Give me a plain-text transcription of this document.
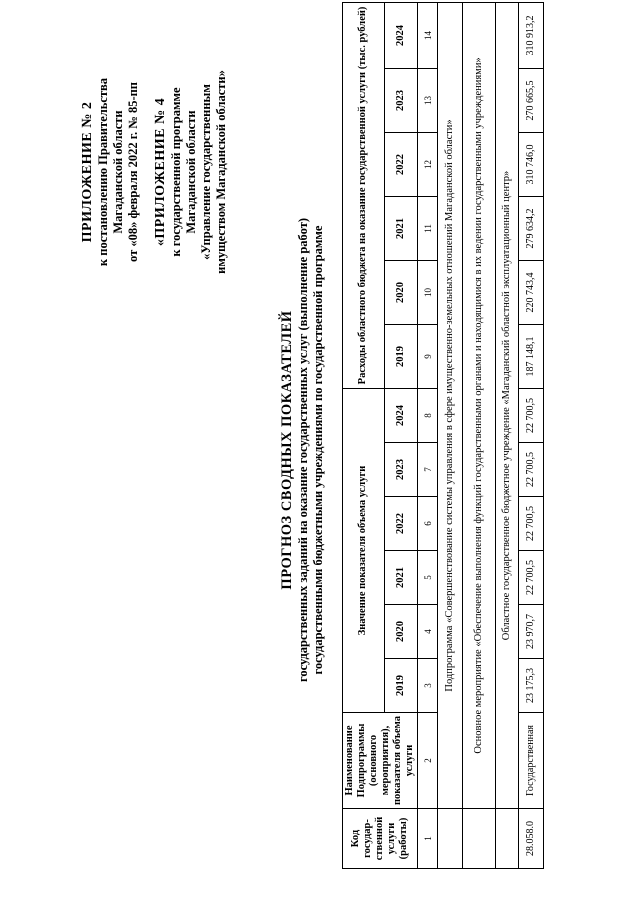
ПРИЛОЖЕНИЕ № 2 к постановлению Правительства Магаданской области от «08» февраля 2022 г. № 85-пп «ПРИЛОЖЕНИЕ № 4 к государственной программе Магаданской области «Управление государственным имуществом Магаданской области»
ПРОГНОЗ СВОДНЫХ ПОКАЗАТЕЛЕЙ государственных заданий на оказание государственных услуг (выполнение работ) государственными бюджетными учреждениями по государственной программе
Код государ-ственной услуги (работы)	Наименование Подпрограммы (основного мероприятия), показателя объема услуги	Значение показателя объема услуги						Расходы областного бюджета на оказание государственной услуги (тыс. рублей)					
		2019	2020	2021	2022	2023	2024	2019	2020	2021	2022	2023	2024
1	2	3	4	5	6	7	8	9	10	11	12	13	14
	Подпрограмма «Совершенствование системы управления в сфере имущественно-земельных отношений Магаданской области»												
	Основное мероприятие «Обеспечение выполнения функций государственными органами и находящимися в их ведении государственными учреждениями»												
	Областное государственное бюджетное учреждение «Магаданский областной эксплуатационный центр»												
28.058.0	Государственная	23 175,3	23 970,7	22 700,5	22 700,5	22 700,5	22 700,5	187 148,1	220 743,4	279 634,2	310 746,0	270 665,5	310 913,2
